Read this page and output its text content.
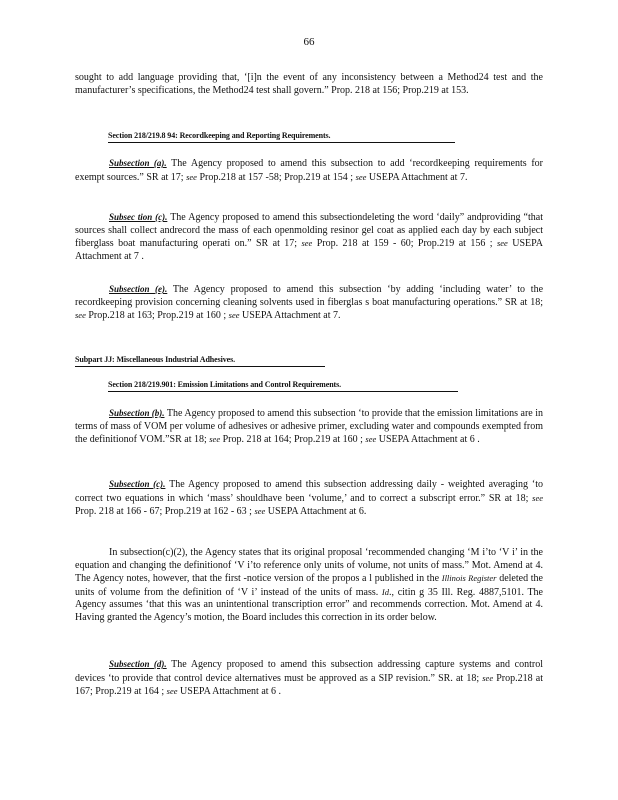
66

sought to add language providing that, ‘[i]n the event of any inconsistency between a Method24 test and the manufacturer’s specifications, the Method24 test shall govern.” Prop. 218 at 156; Prop.219 at 153.

Section 218/219.8 94: Recordkeeping and Reporting Requirements.

Subsection (a). The Agency proposed to amend this subsection to add ‘recordkeeping requirements for exempt sources.” SR at 17; see Prop.218 at 157 -58; Prop.219 at 154 ; see USEPA Attachment at 7.

Subsec tion (c). The Agency proposed to amend this subsectiondeleting the word ‘daily” andproviding “that sources shall collect andrecord the mass of each openmolding resinor gel coat as applied each day by each subject fiberglass boat manufacturing operati on.” SR at 17; see Prop. 218 at 159 - 60; Prop.219 at 156 ; see USEPA Attachment at 7 .

Subsection (e). The Agency proposed to amend this subsection ‘by adding ‘including water’ to the recordkeeping provision concerning cleaning solvents used in fiberglas s boat manufacturing operations.” SR at 18; see Prop.218 at 163; Prop.219 at 160 ; see USEPA Attachment at 7.

Subpart JJ: Miscellaneous Industrial Adhesives.
Section 218/219.901: Emission Limitations and Control Requirements.

Subsection (b). The Agency proposed to amend this subsection ‘to provide that the emission limitations are in terms of mass of VOM per volume of adhesives or adhesive primer, excluding water and compounds exempted from the definitionof VOM.”SR at 18; see Prop. 218 at 164; Prop.219 at 160 ; see USEPA Attachment at 6 .

Subsection (c). The Agency proposed to amend this subsection addressing daily - weighted averaging ‘to correct two equations in which ‘mass’ shouldhave been ‘volume,’ and to correct a subscript error.” SR at 18; see Prop. 218 at 166 - 67; Prop.219 at 162 - 63 ; see USEPA Attachment at 6.

In subsection(c)(2), the Agency states that its original proposal ‘recommended changing ‘M i’to ‘V i’ in the equation and changing the definitionof ‘V i’to reference only units of volume, not units of mass.” Mot. Amend at 4. The Agency notes, however, that the first -notice version of the propos a l published in the Illinois Register deleted the units of volume from the definition of ‘V i’ instead of the units of mass. Id., citin g 35 Ill. Reg. 4887,5101. The Agency assumes ‘that this was an unintentional transcription error” and recommends correction. Mot. Amend at 4. Having granted the Agency’s motion, the Board includes this correction in its order below.

Subsection (d). The Agency proposed to amend this subsection addressing capture systems and control devices ‘to provide that control device alternatives must be approved as a SIP revision.” SR. at 18; see Prop.218 at 167; Prop.219 at 164 ; see USEPA Attachment at 6 .
